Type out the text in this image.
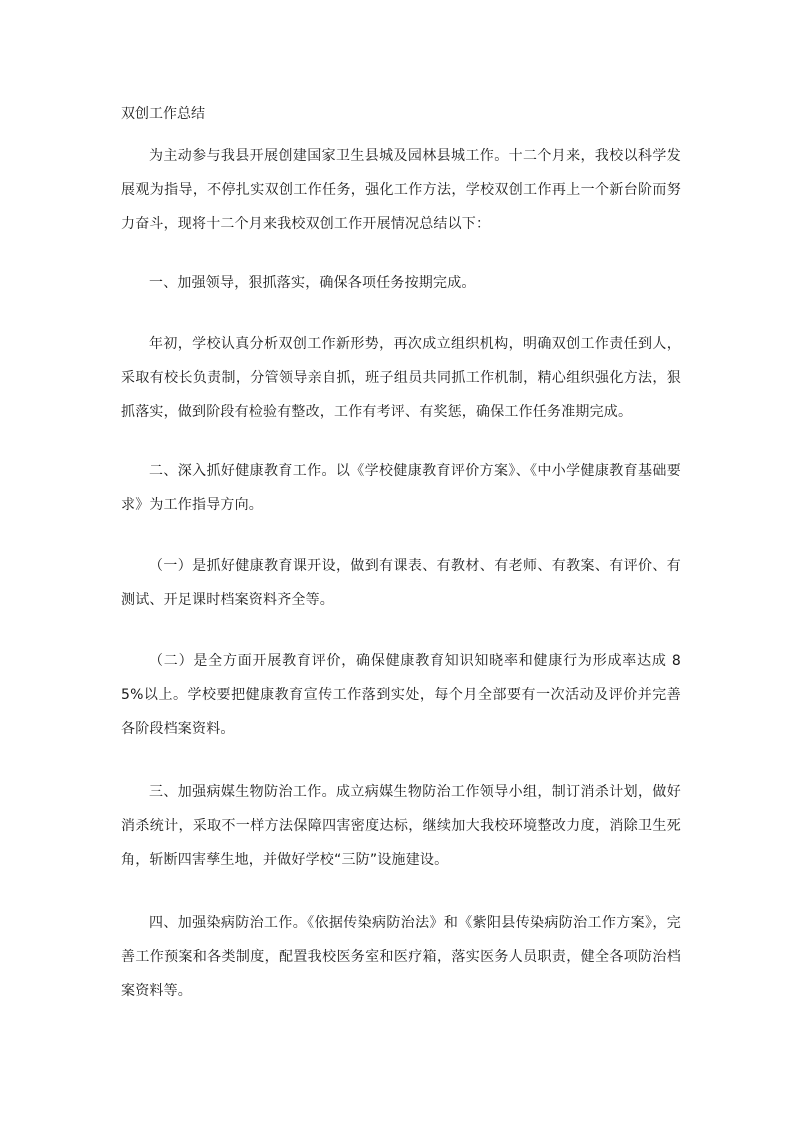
双创工作总结

为主动参与我县开展创建国家卫生县城及园林县城工作。十二个月来，我校以科学发展观为指导，不停扎实双创工作任务，强化工作方法，学校双创工作再上一个新台阶而努力奋斗，现将十二个月来我校双创工作开展情况总结以下：

一、加强领导，狠抓落实，确保各项任务按期完成。

年初，学校认真分析双创工作新形势，再次成立组织机构，明确双创工作责任到人，采取有校长负责制，分管领导亲自抓，班子组员共同抓工作机制，精心组织强化方法，狠抓落实，做到阶段有检验有整改，工作有考评、有奖惩，确保工作任务准期完成。

二、深入抓好健康教育工作。以《学校健康教育评价方案》、《中小学健康教育基础要求》为工作指导方向。

（一）是抓好健康教育课开设，做到有课表、有教材、有老师、有教案、有评价、有测试、开足课时档案资料齐全等。

（二）是全方面开展教育评价，确保健康教育知识知晓率和健康行为形成率达成 85%以上。学校要把健康教育宣传工作落到实处，每个月全部要有一次活动及评价并完善各阶段档案资料。

三、加强病媒生物防治工作。成立病媒生物防治工作领导小组，制订消杀计划，做好消杀统计，采取不一样方法保障四害密度达标，继续加大我校环境整改力度，消除卫生死角，斩断四害孳生地，并做好学校“三防”设施建设。

四、加强染病防治工作。《依据传染病防治法》和《紫阳县传染病防治工作方案》，完善工作预案和各类制度，配置我校医务室和医疗箱，落实医务人员职责，健全各项防治档案资料等。
